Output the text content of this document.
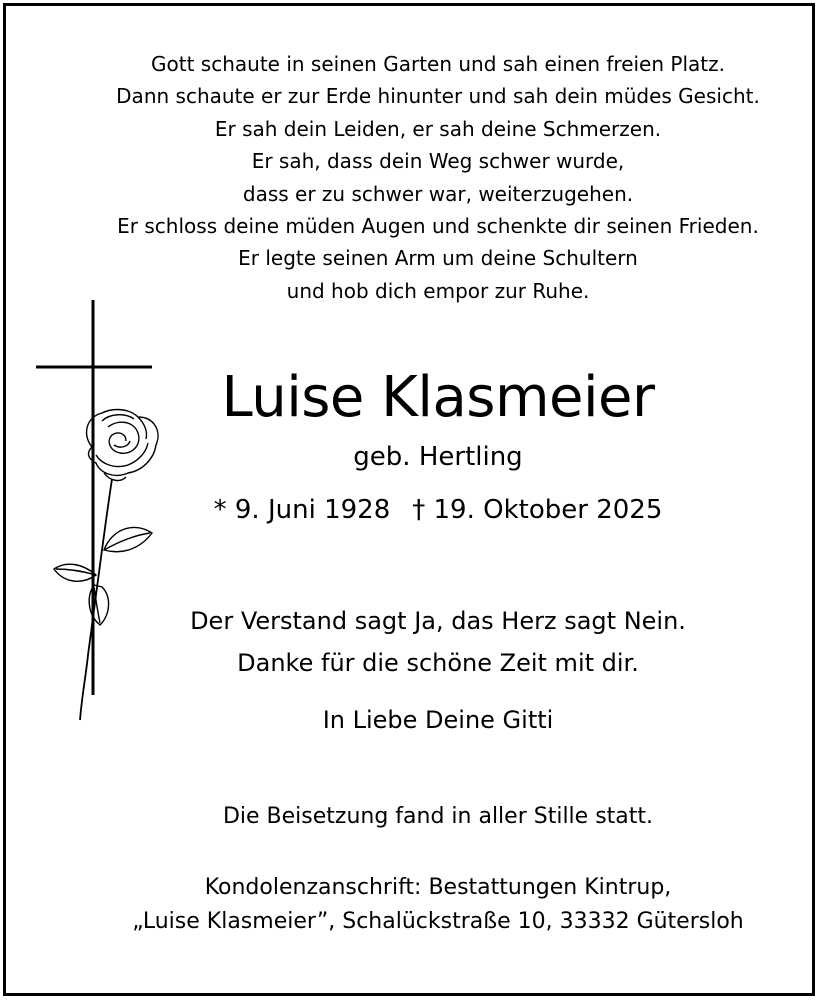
Gott schaute in seinen Garten und sah einen freien Platz.
Dann schaute er zur Erde hinunter und sah dein müdes Gesicht.
Er sah dein Leiden, er sah deine Schmerzen.
Er sah, dass dein Weg schwer wurde,
dass er zu schwer war, weiterzugehen.
Er schloss deine müden Augen und schenkte dir seinen Frieden.
Er legte seinen Arm um deine Schultern
und hob dich empor zur Ruhe.
Luise Klasmeier
geb. Hertling
* 9. Juni 1928 † 19. Oktober 2025
Der Verstand sagt Ja, das Herz sagt Nein.
Danke für die schöne Zeit mit dir.
In Liebe Deine Gitti
Die Beisetzung fand in aller Stille statt.
Kondolenzanschrift: Bestattungen Kintrup,
„Luise Klasmeier”, Schalückstraße 10, 33332 Gütersloh
